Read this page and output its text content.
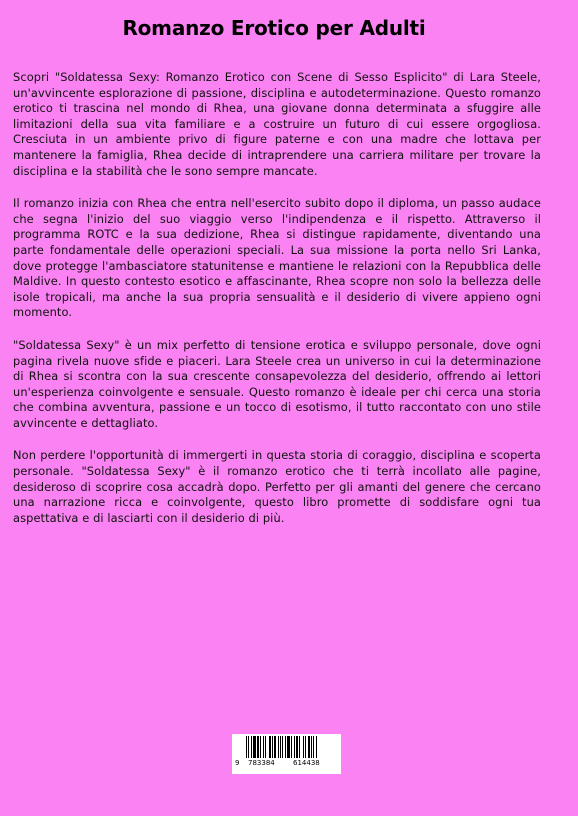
Romanzo Erotico per Adulti

Scopri "Soldatessa Sexy: Romanzo Erotico con Scene di Sesso Esplicito" di Lara Steele, un'avvincente esplorazione di passione, disciplina e autodeterminazione. Questo romanzo erotico ti trascina nel mondo di Rhea, una giovane donna determinata a sfuggire alle limitazioni della sua vita familiare e a costruire un futuro di cui essere orgogliosa. Cresciuta in un ambiente privo di figure paterne e con una madre che lottava per mantenere la famiglia, Rhea decide di intraprendere una carriera militare per trovare la disciplina e la stabilità che le sono sempre mancate.

Il romanzo inizia con Rhea che entra nell'esercito subito dopo il diploma, un passo audace che segna l'inizio del suo viaggio verso l'indipendenza e il rispetto. Attraverso il programma ROTC e la sua dedizione, Rhea si distingue rapidamente, diventando una parte fondamentale delle operazioni speciali. La sua missione la porta nello Sri Lanka, dove protegge l'ambasciatore statunitense e mantiene le relazioni con la Repubblica delle Maldive. In questo contesto esotico e affascinante, Rhea scopre non solo la bellezza delle isole tropicali, ma anche la sua propria sensualità e il desiderio di vivere appieno ogni momento.

"Soldatessa Sexy" è un mix perfetto di tensione erotica e sviluppo personale, dove ogni pagina rivela nuove sfide e piaceri. Lara Steele crea un universo in cui la determinazione di Rhea si scontra con la sua crescente consapevolezza del desiderio, offrendo ai lettori un'esperienza coinvolgente e sensuale. Questo romanzo è ideale per chi cerca una storia che combina avventura, passione e un tocco di esotismo, il tutto raccontato con uno stile avvincente e dettagliato.

Non perdere l'opportunità di immergerti in questa storia di coraggio, disciplina e scoperta personale. "Soldatessa Sexy" è il romanzo erotico che ti terrà incollato alle pagine, desideroso di scoprire cosa accadrà dopo. Perfetto per gli amanti del genere che cercano una narrazione ricca e coinvolgente, questo libro promette di soddisfare ogni tua aspettativa e di lasciarti con il desiderio di più.

9 783384	614438
